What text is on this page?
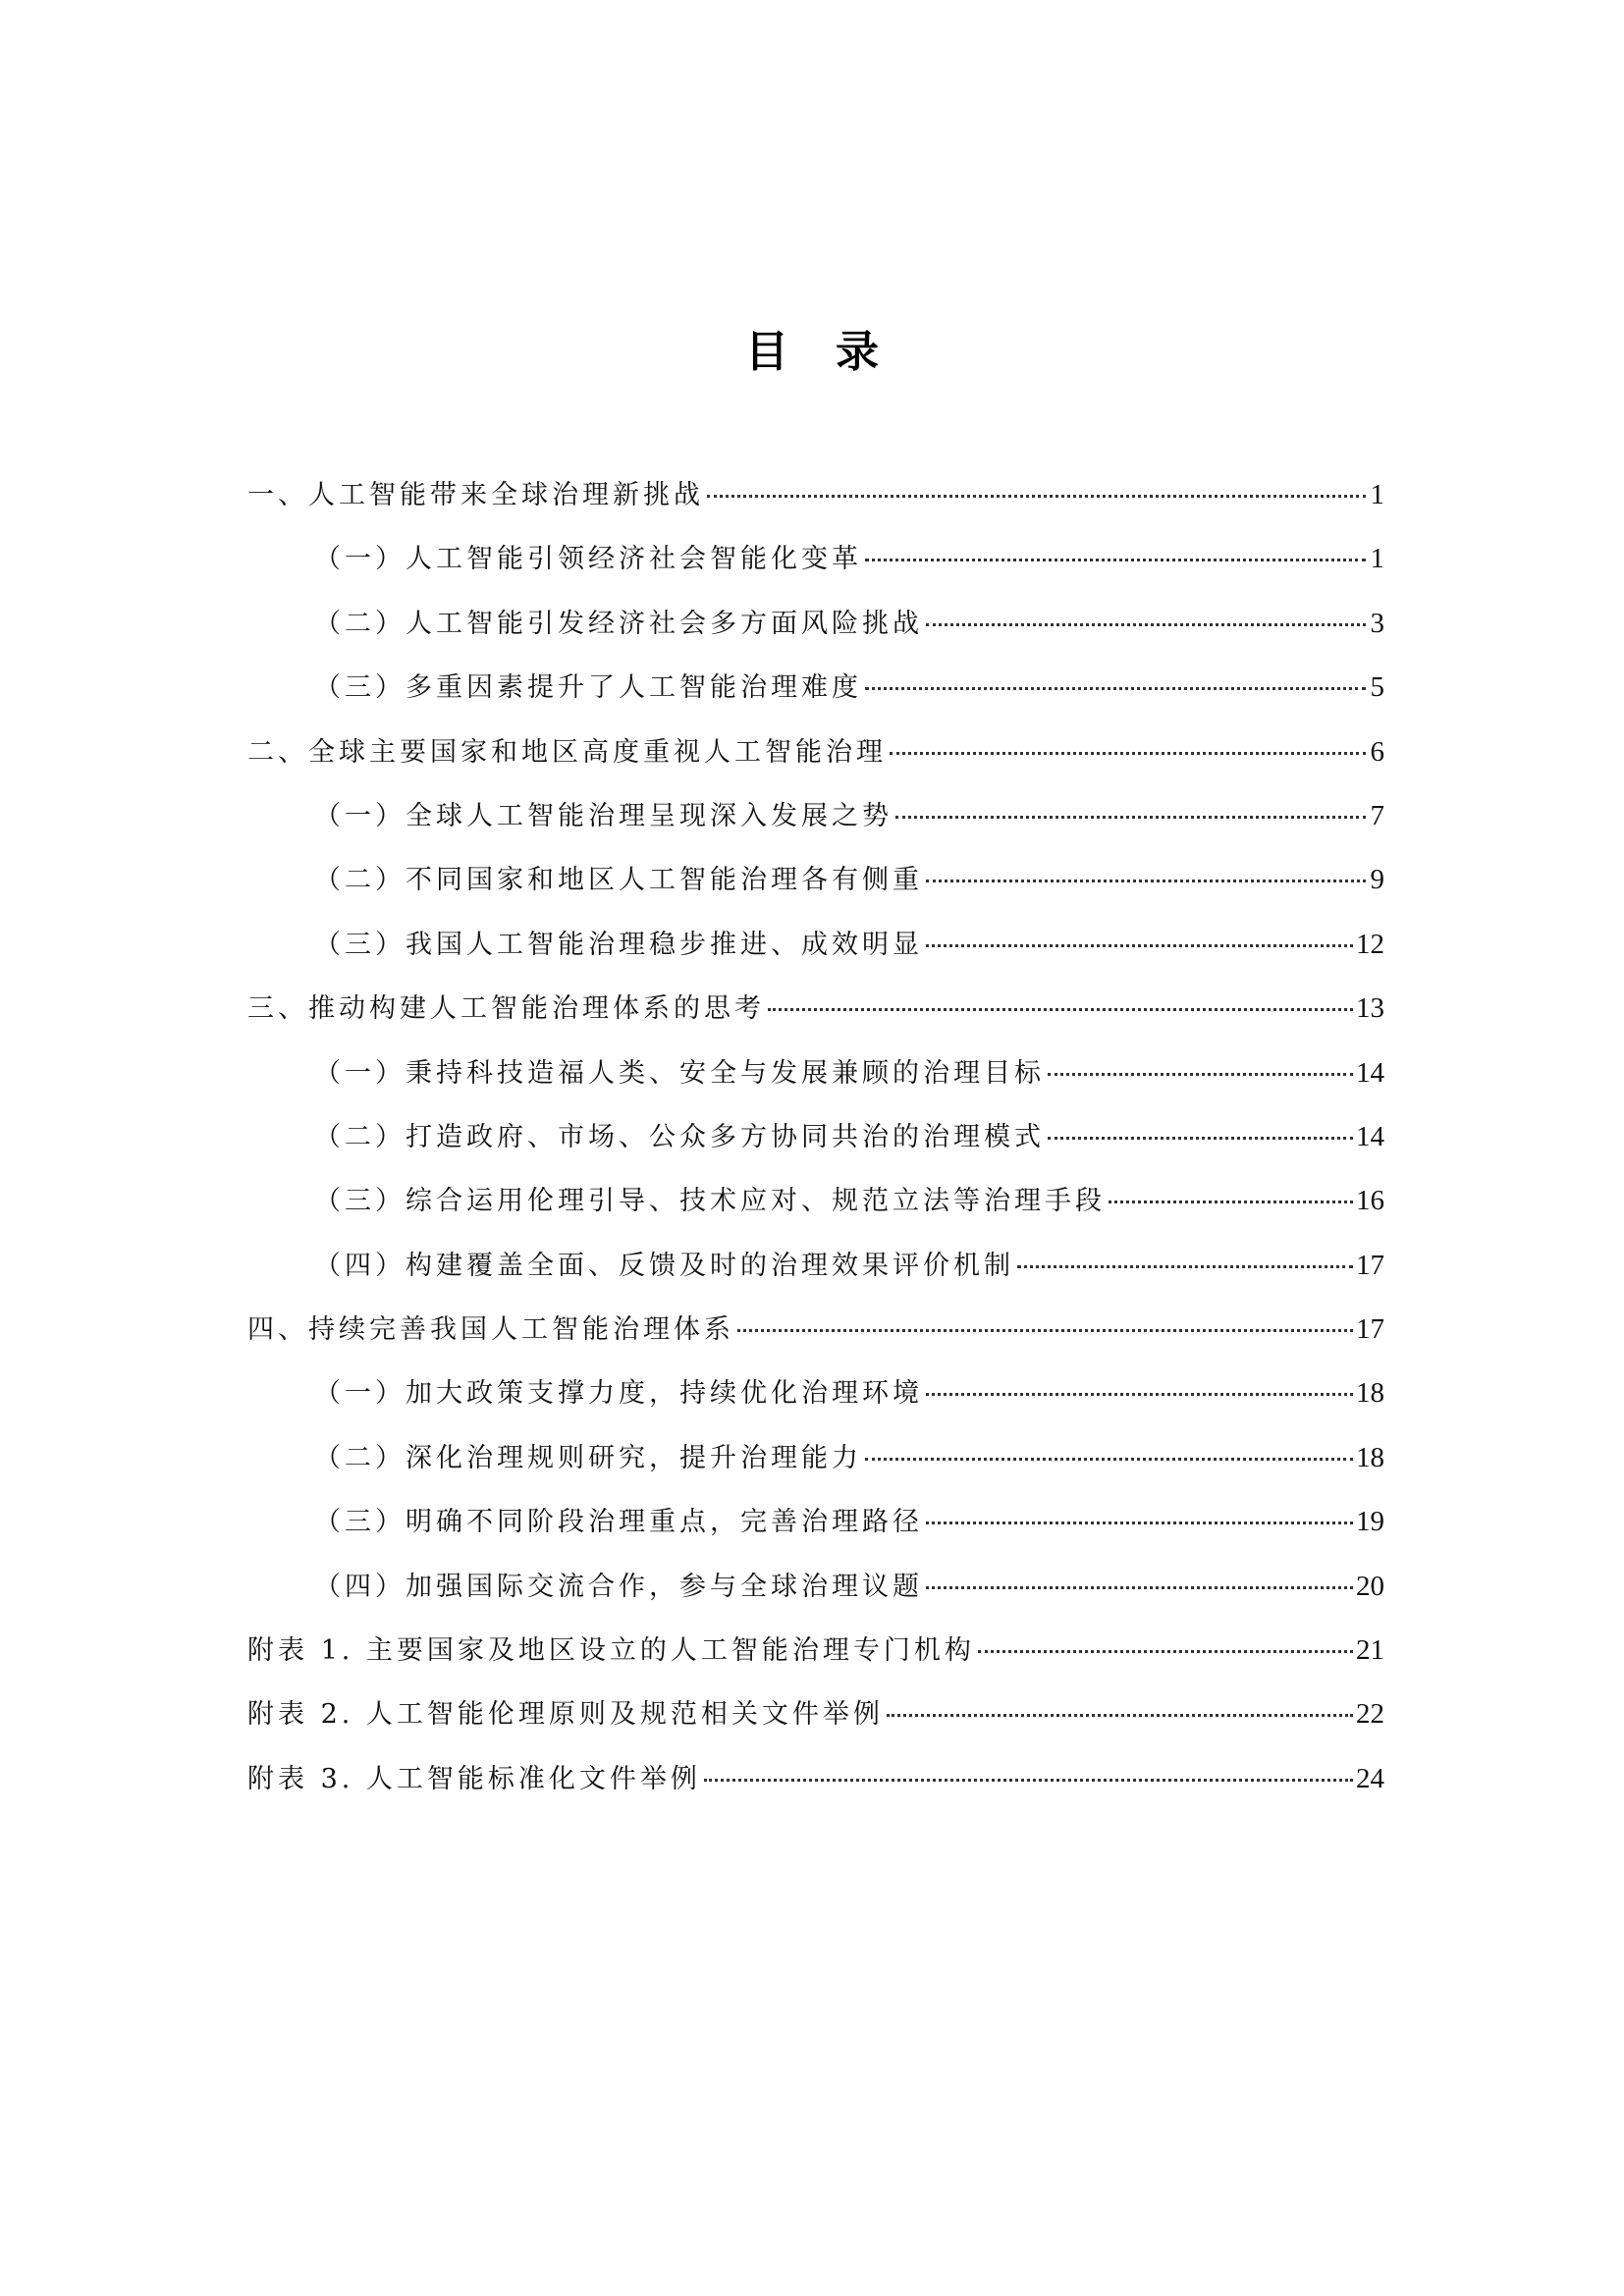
目录
一、人工智能带来全球治理新挑战	1
（一）人工智能引领经济社会智能化变革	1
（二）人工智能引发经济社会多方面风险挑战	3
（三）多重因素提升了人工智能治理难度	5
二、全球主要国家和地区高度重视人工智能治理	6
（一）全球人工智能治理呈现深入发展之势	7
（二）不同国家和地区人工智能治理各有侧重	9
（三）我国人工智能治理稳步推进、成效明显	12
三、推动构建人工智能治理体系的思考	13
（一）秉持科技造福人类、安全与发展兼顾的治理目标	14
（二）打造政府、市场、公众多方协同共治的治理模式	14
（三）综合运用伦理引导、技术应对、规范立法等治理手段	16
（四）构建覆盖全面、反馈及时的治理效果评价机制	17
四、持续完善我国人工智能治理体系	17
（一）加大政策支撑力度，持续优化治理环境	18
（二）深化治理规则研究，提升治理能力	18
（三）明确不同阶段治理重点，完善治理路径	19
（四）加强国际交流合作，参与全球治理议题	20
附表 1. 主要国家及地区设立的人工智能治理专门机构	21
附表 2. 人工智能伦理原则及规范相关文件举例	22
附表 3. 人工智能标准化文件举例	24
